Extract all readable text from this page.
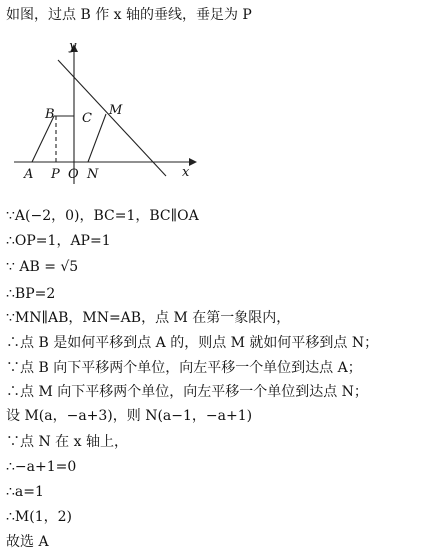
如图，过点 B 作 x 轴的垂线，垂足为 P
y
x
B C
M
A P O N
∵A(−2，0)，BC=1，BC∥OA
∴OP=1，AP=1
∵ AB = √5
∴BP=2
∵MN∥AB，MN=AB，点 M 在第一象限内，
∴点 B 是如何平移到点 A 的，则点 M 就如何平移到点 N；
∵点 B 向下平移两个单位，向左平移一个单位到达点 A；
∴点 M 向下平移两个单位，向左平移一个单位到达点 N；
设 M(a，−a+3)，则 N(a−1，−a+1)
∵点 N 在 x 轴上，
∴−a+1=0
∴a=1
∴M(1，2)
故选 A
